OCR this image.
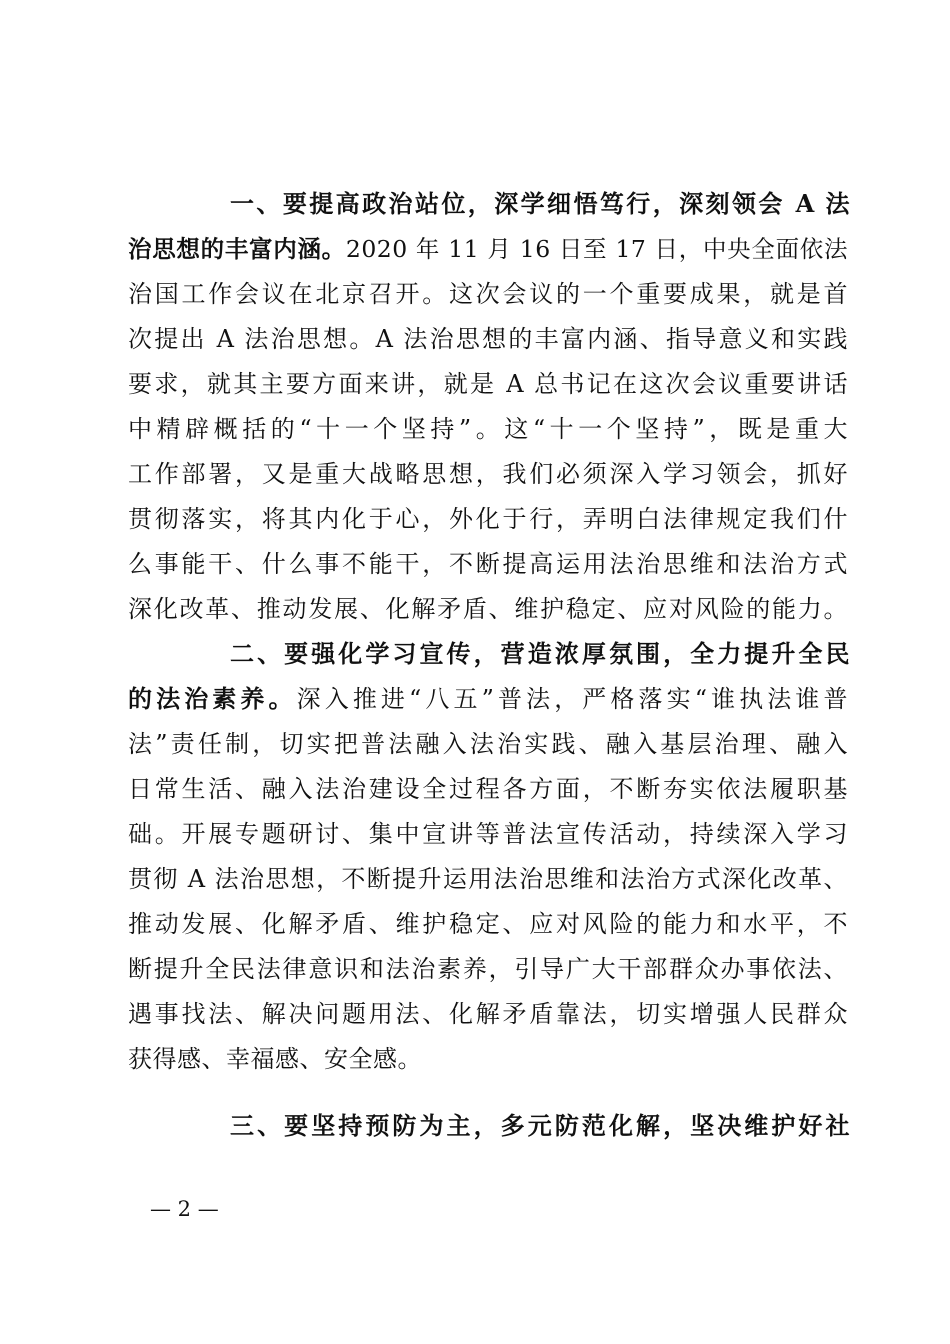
一、要提高政治站位，深学细悟笃行，深刻领会 A 法
治思想的丰富内涵。2020 年 11 月 16 日至 17 日，中央全面依法
治国工作会议在北京召开。这次会议的一个重要成果，就是首
次提出 A 法治思想。A 法治思想的丰富内涵、指导意义和实践
要求，就其主要方面来讲，就是 A 总书记在这次会议重要讲话
中精辟概括的“十一个坚持”。这“十一个坚持”，既是重大
工作部署，又是重大战略思想，我们必须深入学习领会，抓好
贯彻落实，将其内化于心，外化于行，弄明白法律规定我们什
么事能干、什么事不能干，不断提高运用法治思维和法治方式
深化改革、推动发展、化解矛盾、维护稳定、应对风险的能力。
二、要强化学习宣传，营造浓厚氛围，全力提升全民
的法治素养。深入推进“八五”普法，严格落实“谁执法谁普
法”责任制，切实把普法融入法治实践、融入基层治理、融入
日常生活、融入法治建设全过程各方面，不断夯实依法履职基
础。开展专题研讨、集中宣讲等普法宣传活动，持续深入学习
贯彻 A 法治思想，不断提升运用法治思维和法治方式深化改革、
推动发展、化解矛盾、维护稳定、应对风险的能力和水平，不
断提升全民法律意识和法治素养，引导广大干部群众办事依法、
遇事找法、解决问题用法、化解矛盾靠法，切实增强人民群众
获得感、幸福感、安全感。
三、要坚持预防为主，多元防范化解，坚决维护好社
— 2 —
